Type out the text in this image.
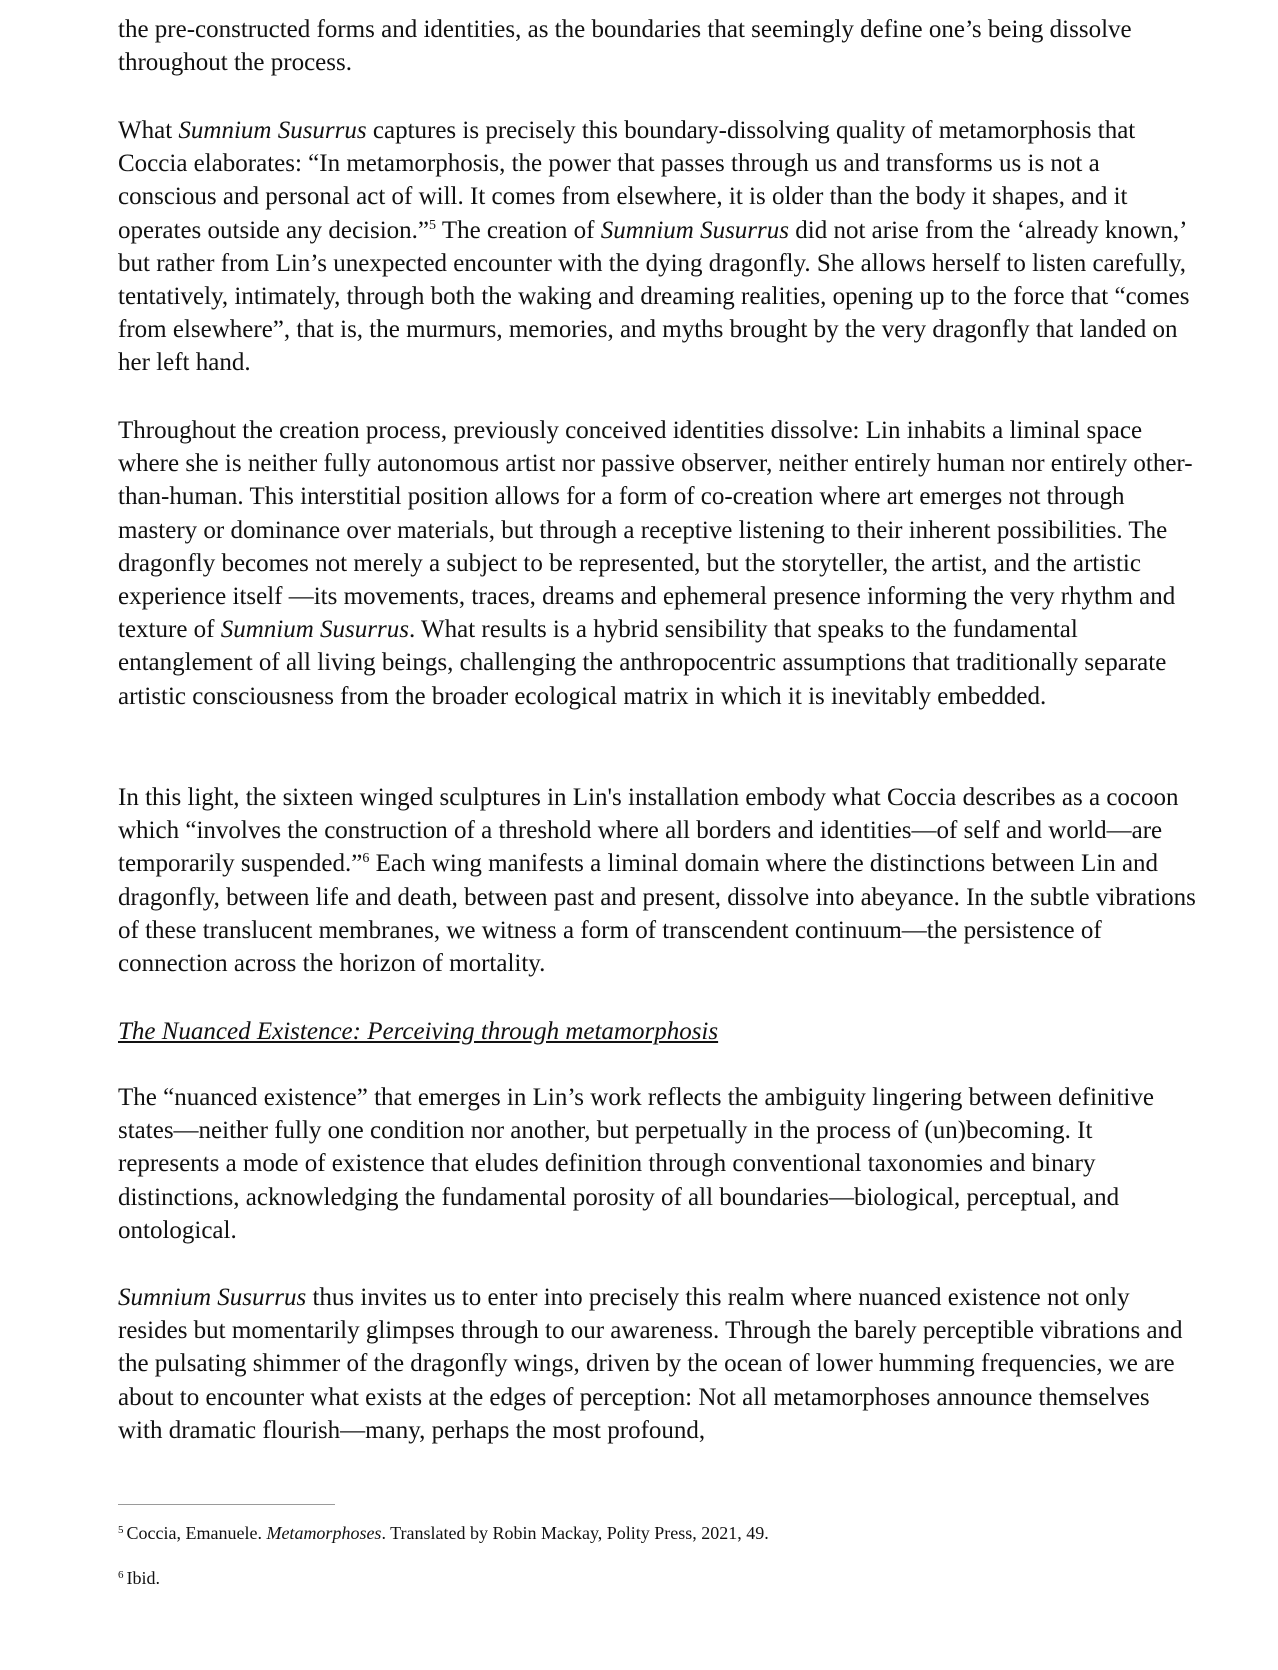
the pre-constructed forms and identities, as the boundaries that seemingly define one’s being dissolve throughout the process.

What Sumnium Susurrus captures is precisely this boundary-dissolving quality of metamorphosis that Coccia elaborates: “In metamorphosis, the power that passes through us and transforms us is not a conscious and personal act of will. It comes from elsewhere, it is older than the body it shapes, and it operates outside any decision.”$^5$ The creation of Sumnium Susurrus did not arise from the ‘already known,’ but rather from Lin’s unexpected encounter with the dying dragonfly. She allows herself to listen carefully, tentatively, intimately, through both the waking and dreaming realities, opening up to the force that “comes from elsewhere”, that is, the murmurs, memories, and myths brought by the very dragonfly that landed on her left hand.

Throughout the creation process, previously conceived identities dissolve: Lin inhabits a liminal space where she is neither fully autonomous artist nor passive observer, neither entirely human nor entirely other-than-human. This interstitial position allows for a form of co-creation where art emerges not through mastery or dominance over materials, but through a receptive listening to their inherent possibilities. The dragonfly becomes not merely a subject to be represented, but the storyteller, the artist, and the artistic experience itself —its movements, traces, dreams and ephemeral presence informing the very rhythm and texture of Sumnium Susurrus. What results is a hybrid sensibility that speaks to the fundamental entanglement of all living beings, challenging the anthropocentric assumptions that traditionally separate artistic consciousness from the broader ecological matrix in which it is inevitably embedded.

In this light, the sixteen winged sculptures in Lin's installation embody what Coccia describes as a cocoon which “involves the construction of a threshold where all borders and identities—of self and world—are temporarily suspended.”$^6$ Each wing manifests a liminal domain where the distinctions between Lin and dragonfly, between life and death, between past and present, dissolve into abeyance. In the subtle vibrations of these translucent membranes, we witness a form of transcendent continuum—the persistence of connection across the horizon of mortality.

The Nuanced Existence: Perceiving through metamorphosis

The “nuanced existence” that emerges in Lin’s work reflects the ambiguity lingering between definitive states—neither fully one condition nor another, but perpetually in the process of (un)becoming. It represents a mode of existence that eludes definition through conventional taxonomies and binary distinctions, acknowledging the fundamental porosity of all boundaries—biological, perceptual, and ontological.

Sumnium Susurrus thus invites us to enter into precisely this realm where nuanced existence not only resides but momentarily glimpses through to our awareness. Through the barely perceptible vibrations and the pulsating shimmer of the dragonfly wings, driven by the ocean of lower humming frequencies, we are about to encounter what exists at the edges of perception: Not all metamorphoses announce themselves with dramatic flourish—many, perhaps the most profound,

$^5$ Coccia, Emanuele. Metamorphoses. Translated by Robin Mackay, Polity Press, 2021, 49.
$^6$ Ibid.
